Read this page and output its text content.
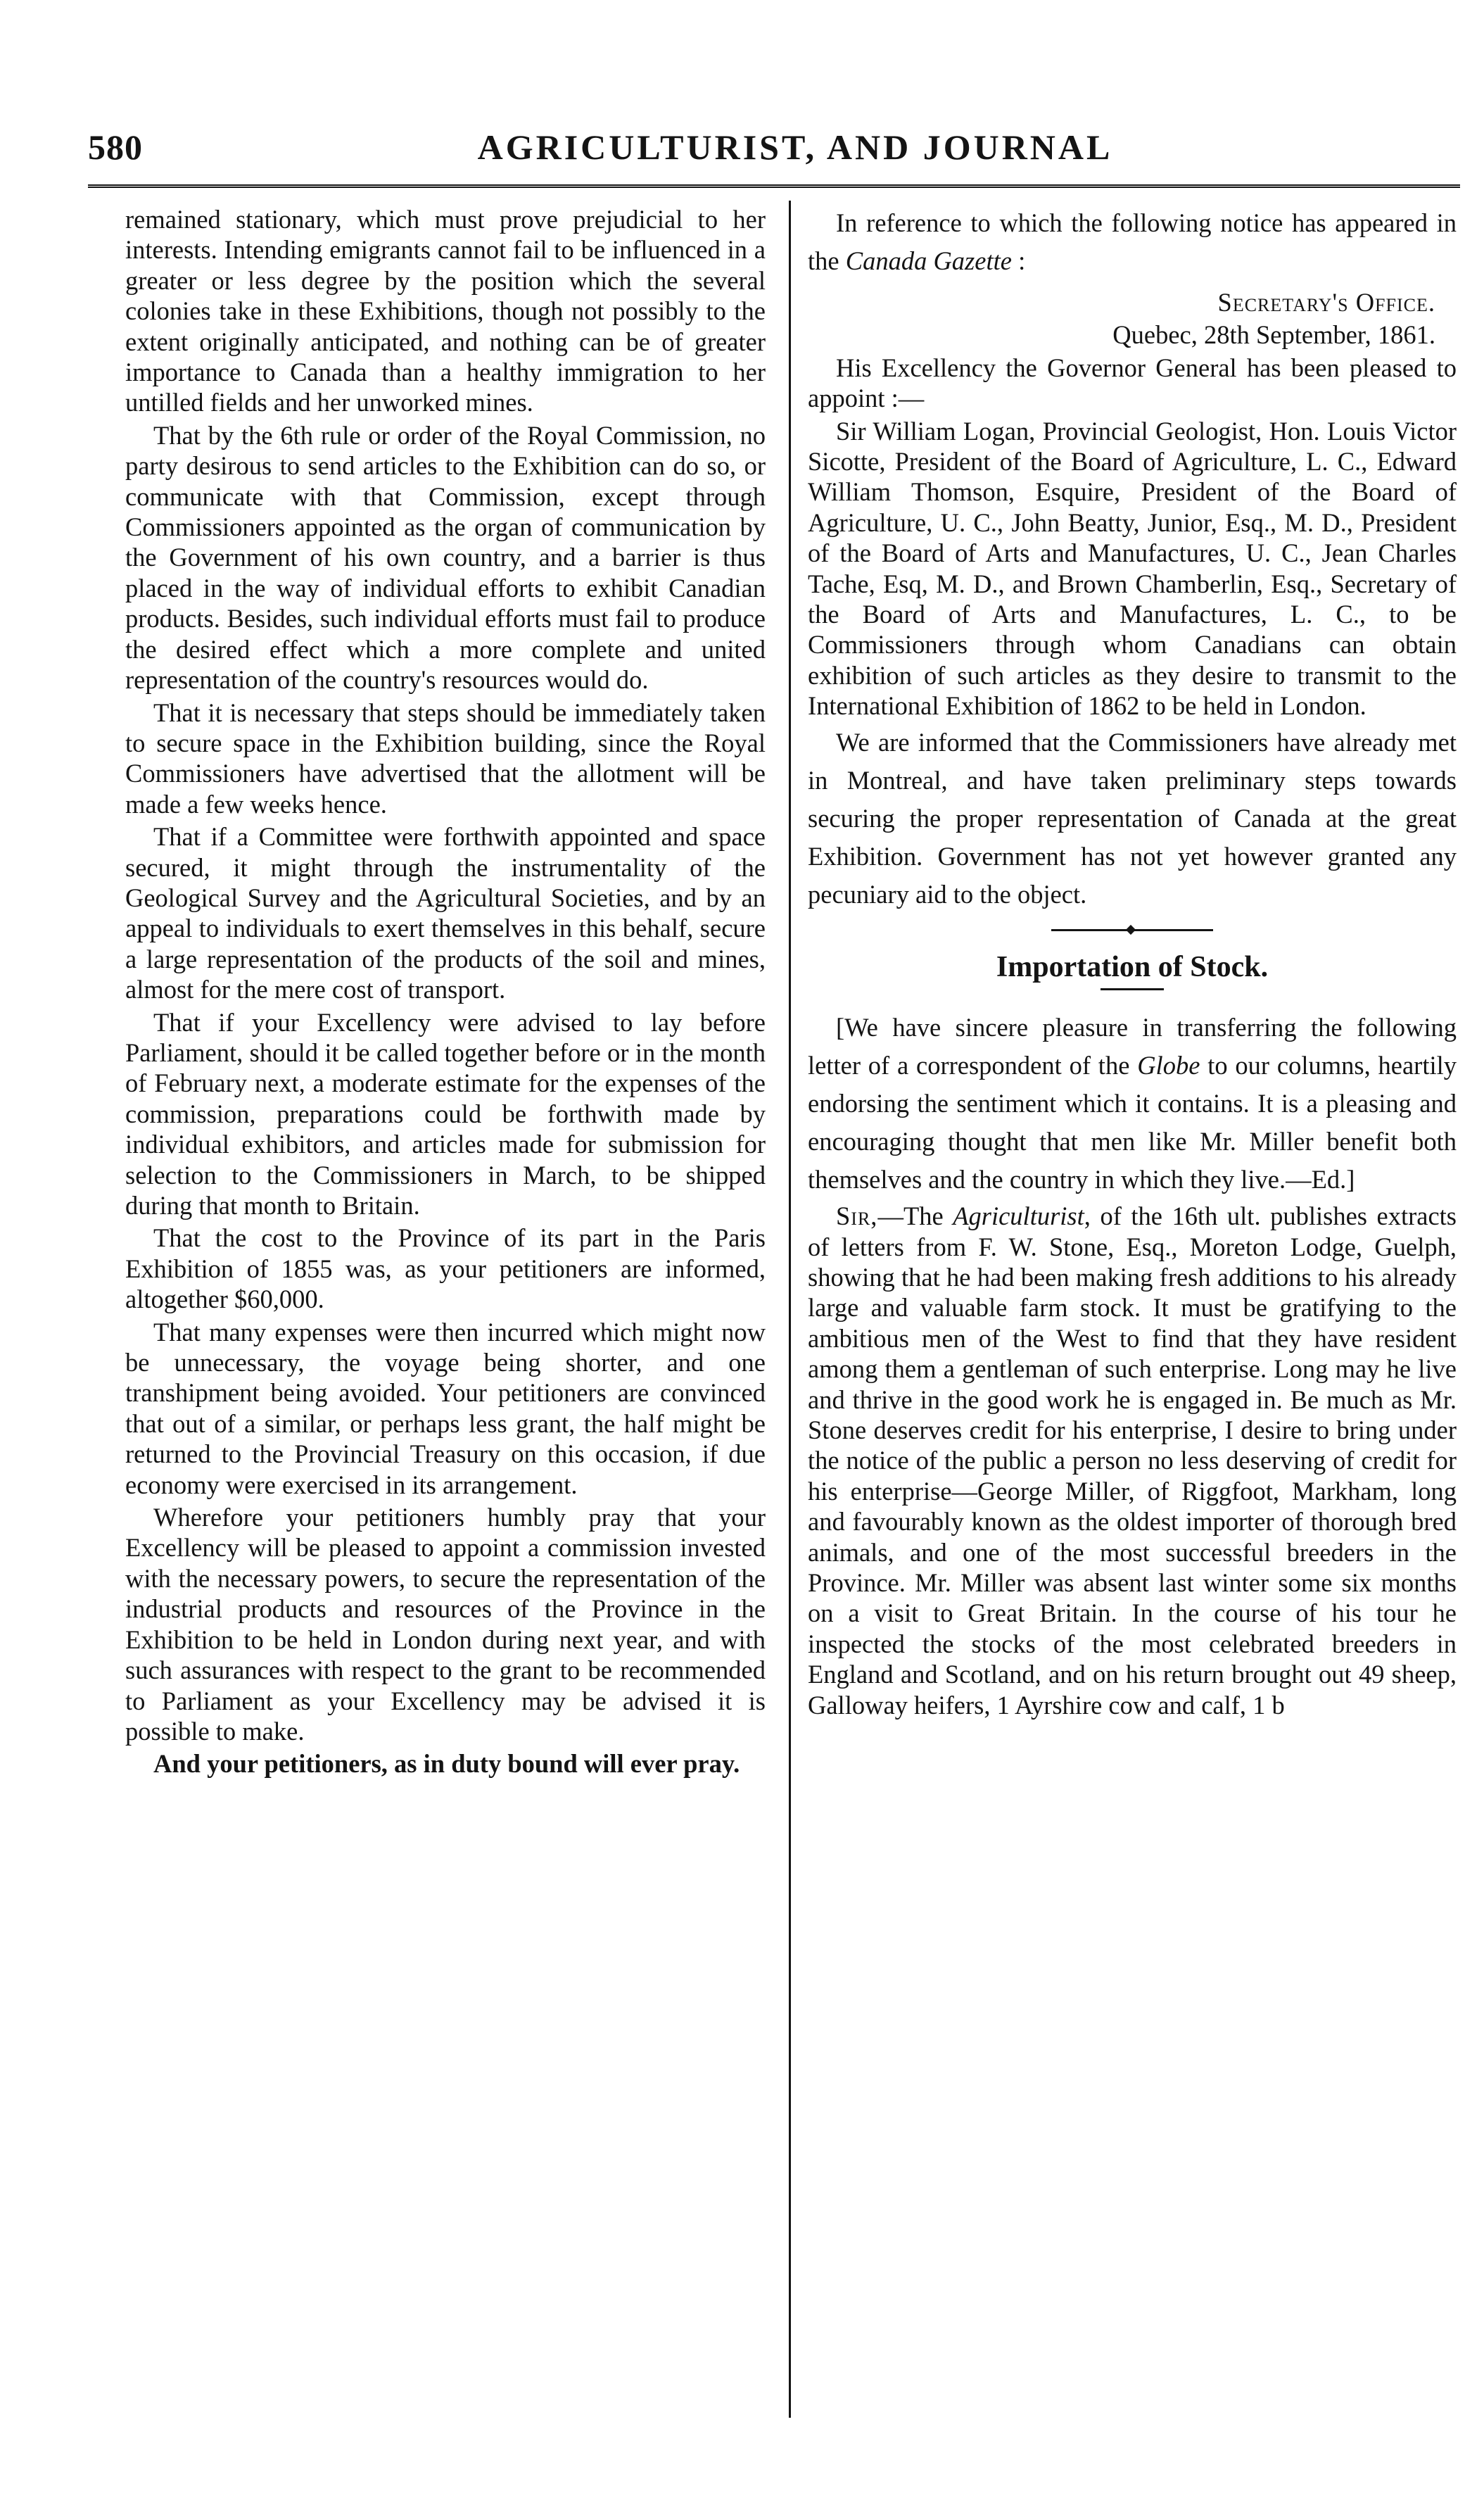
580	AGRICULTURIST, AND JOURNAL

remained stationary, which must prove prejudicial to her interests. Intending emigrants cannot fail to be influenced in a greater or less degree by the position which the several colonies take in these Exhibitions, though not possibly to the extent originally anticipated, and nothing can be of greater importance to Canada than a healthy immigration to her untilled fields and her unworked mines.

That by the 6th rule or order of the Royal Commission, no party desirous to send articles to the Exhibition can do so, or communicate with that Commission, except through Commissioners appointed as the organ of communication by the Government of his own country, and a barrier is thus placed in the way of individual efforts to exhibit Canadian products. Besides, such individual efforts must fail to produce the desired effect which a more complete and united representation of the country's resources would do.

That it is necessary that steps should be immediately taken to secure space in the Exhibition building, since the Royal Commissioners have advertised that the allotment will be made a few weeks hence.

That if a Committee were forthwith appointed and space secured, it might through the instrumentality of the Geological Survey and the Agricultural Societies, and by an appeal to individuals to exert themselves in this behalf, secure a large representation of the products of the soil and mines, almost for the mere cost of transport.

That if your Excellency were advised to lay before Parliament, should it be called together before or in the month of February next, a moderate estimate for the expenses of the commission, preparations could be forthwith made by individual exhibitors, and articles made for submission for selection to the Commissioners in March, to be shipped during that month to Britain.

That the cost to the Province of its part in the Paris Exhibition of 1855 was, as your petitioners are informed, altogether $60,000.

That many expenses were then incurred which might now be unnecessary, the voyage being shorter, and one transhipment being avoided. Your petitioners are convinced that out of a similar, or perhaps less grant, the half might be returned to the Provincial Treasury on this occasion, if due economy were exercised in its arrangement.

Wherefore your petitioners humbly pray that your Excellency will be pleased to appoint a commission invested with the necessary powers, to secure the representation of the industrial products and resources of the Province in the Exhibition to be held in London during next year, and with such assurances with respect to the grant to be recommended to Parliament as your Excellency may be advised it is possible to make.

And your petitioners, as in duty bound will ever pray.

In reference to which the following notice has appeared in the Canada Gazette :

Secretary's Office.

Quebec, 28th September, 1861.

His Excellency the Governor General has been pleased to appoint :—

Sir William Logan, Provincial Geologist, Hon. Louis Victor Sicotte, President of the Board of Agriculture, L. C., Edward William Thomson, Esquire, President of the Board of Agriculture, U. C., John Beatty, Junior, Esq., M. D., President of the Board of Arts and Manufactures, U. C., Jean Charles Tache, Esq, M. D., and Brown Chamberlin, Esq., Secretary of the Board of Arts and Manufactures, L. C., to be Commissioners through whom Canadians can obtain exhibition of such articles as they desire to transmit to the International Exhibition of 1862 to be held in London.

We are informed that the Commissioners have already met in Montreal, and have taken preliminary steps towards securing the proper representation of Canada at the great Exhibition. Government has not yet however granted any pecuniary aid to the object.

Importation of Stock.

[We have sincere pleasure in transferring the following letter of a correspondent of the Globe to our columns, heartily endorsing the sentiment which it contains. It is a pleasing and encouraging thought that men like Mr. Miller benefit both themselves and the country in which they live.—Ed.]

Sir,—The Agriculturist, of the 16th ult. publishes extracts of letters from F. W. Stone, Esq., Moreton Lodge, Guelph, showing that he had been making fresh additions to his already large and valuable farm stock. It must be gratifying to the ambitious men of the West to find that they have resident among them a gentleman of such enterprise. Long may he live and thrive in the good work he is engaged in. Be much as Mr. Stone deserves credit for his enterprise, I desire to bring under the notice of the public a person no less deserving of credit for his enterprise—George Miller, of Riggfoot, Markham, long and favourably known as the oldest importer of thorough bred animals, and one of the most successful breeders in the Province. Mr. Miller was absent last winter some six months on a visit to Great Britain. In the course of his tour he inspected the stocks of the most celebrated breeders in England and Scotland, and on his return brought out 49 sheep, Galloway heifers, 1 Ayrshire cow and calf, 1 b
